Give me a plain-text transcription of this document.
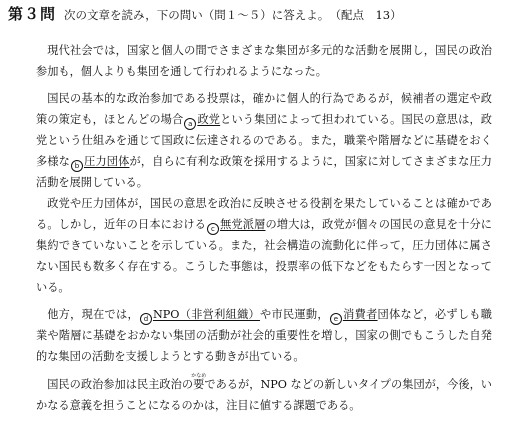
第３問 次の文章を読み，下の問い（問１～５）に答えよ。 （配点　13）

現代社会では，国家と個人の間でさまざまな集団が多元的な活動を展開し，国民の政治参加も，個人よりも集団を通して行われるようになった。

国民の基本的な政治参加である投票は，確かに個人的行為であるが，候補者の選定や政策の策定も，ほとんどの場合 a 政党という集団によって担われている。国民の意思は，政党という仕組みを通じて国政に伝達されるのである。また，職業や階層などに基礎をおく多様な b 圧力団体が，自らに有利な政策を採用するように，国家に対してさまざまな圧力活動を展開している。

政党や圧力団体が，国民の意思を政治に反映させる役割を果たしていることは確かである。しかし，近年の日本における c 無党派層の増大は，政党が個々の国民の意見を十分に集約できていないことを示している。また，社会構造の流動化に伴って，圧力団体に属さない国民も数多く存在する。こうした事態は，投票率の低下などをもたらす一因となっている。

他方，現在では， d NPO（非営利組織）や市民運動， e 消費者団体など，必ずしも職業や階層に基礎をおかない集団の活動が社会的重要性を増し，国家の側でもこうした自発的な集団の活動を支援しようとする動きが出ている。

国民の政治参加は民主政治の要かなめであるが，NPO などの新しいタイプの集団が，今後，いかなる意義を担うことになるのかは，注目に値する課題である。
